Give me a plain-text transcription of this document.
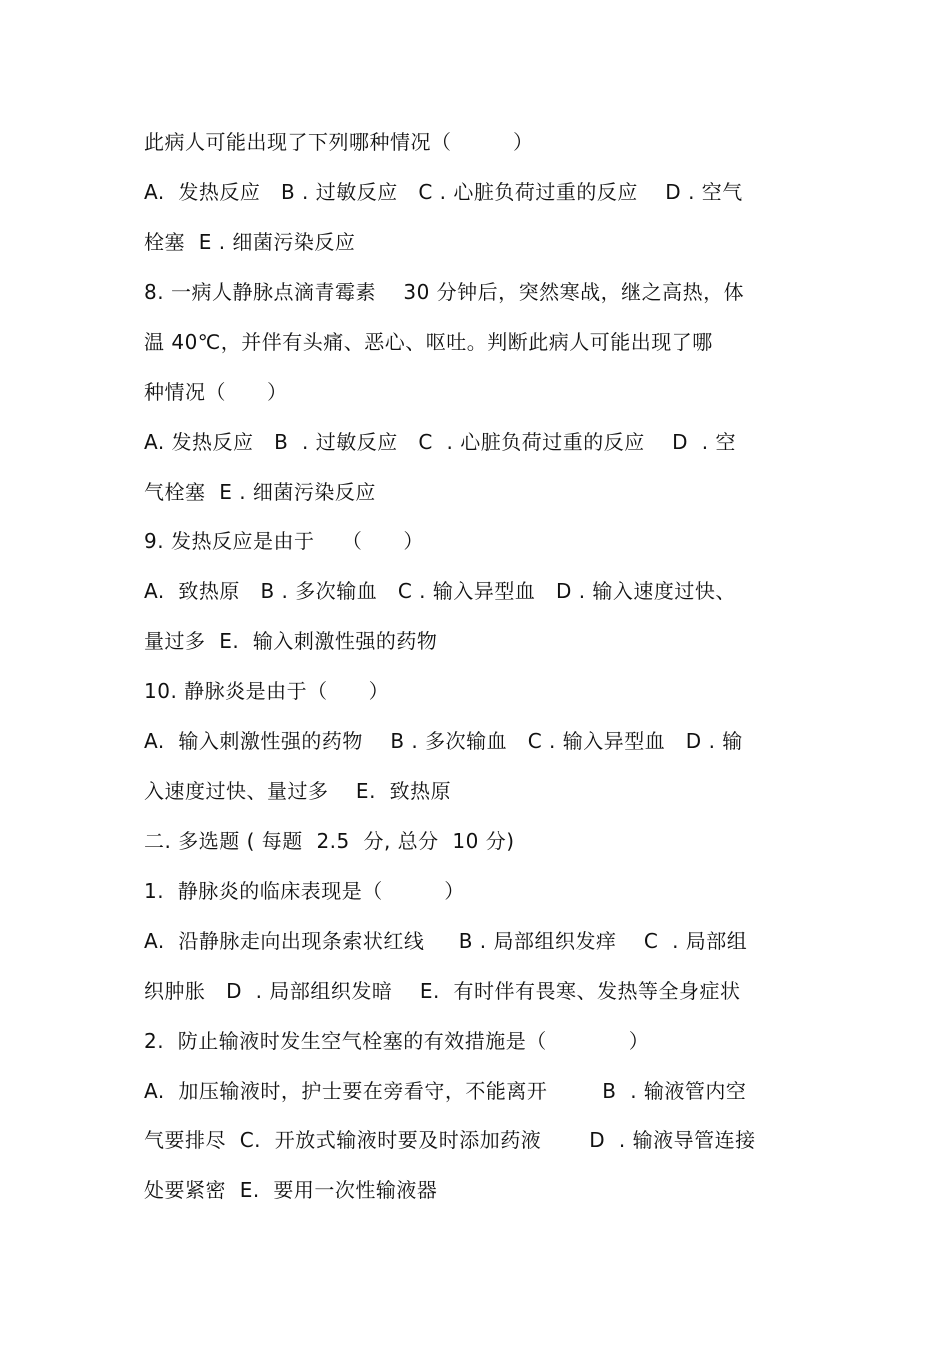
此病人可能出现了下列哪种情况（　　　）
A.  发热反应   B . 过敏反应   C . 心脏负荷过重的反应    D . 空气
栓塞  E . 细菌污染反应
8. 一病人静脉点滴青霉素    30 分钟后，突然寒战，继之高热，体
温 40℃，并伴有头痛、恶心、呕吐。判断此病人可能出现了哪
种情况（　　）
A. 发热反应   B  . 过敏反应   C  . 心脏负荷过重的反应    D  . 空
气栓塞  E . 细菌污染反应
9. 发热反应是由于    （　　）
A.  致热原   B . 多次输血   C . 输入异型血   D . 输入速度过快、
量过多  E.  输入刺激性强的药物
10. 静脉炎是由于（　　）
A.  输入刺激性强的药物    B . 多次输血   C . 输入异型血   D . 输
入速度过快、量过多    E.  致热原
二. 多选题 ( 每题  2.5  分, 总分  10 分)
1.  静脉炎的临床表现是（　　　）
A.  沿静脉走向出现条索状红线     B . 局部组织发痒    C  . 局部组
织肿胀   D  . 局部组织发暗    E.  有时伴有畏寒、发热等全身症状
2.  防止输液时发生空气栓塞的有效措施是（　　　　）
A.  加压输液时，护士要在旁看守，不能离开        B  . 输液管内空
气要排尽  C.  开放式输液时要及时添加药液       D  . 输液导管连接
处要紧密  E.  要用一次性输液器
